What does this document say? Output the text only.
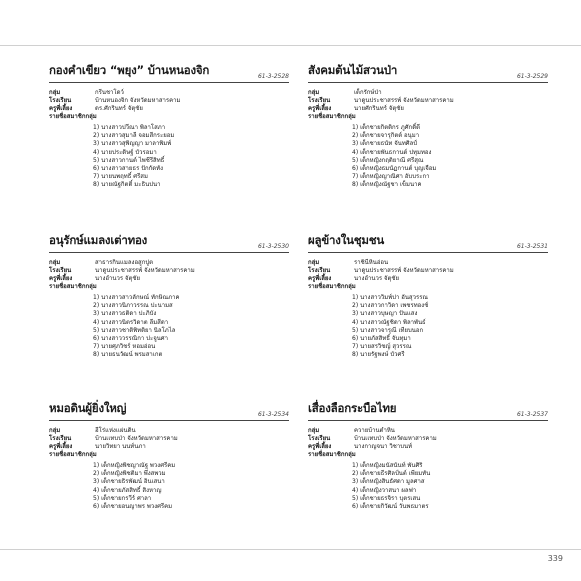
กองคำเขียว “พยุง” บ้านหนองจิก	61-3-2528
กลุ่ม	กรีนชาโดว์
โรงเรียน	บ้านหนองจิก จังหวัดมหาสารคาม
ครูพี่เลี้ยง	ดร.ศักรินทร์ จัตุชัย
รายชื่อสมาชิกกลุ่ม
1) นางสาวปวีณา พิลาโสภา
2) นางสาวสุมาลี จอมสีกระยอม
3) นางสาวสุพิญญา มาลาพิมพ์
4) นายประดิษฐ์ บัวรอมา
5) นางสาวกานต์ ไพชีรีสิทธิ์
6) นางสาวสายธร ปักกัดทัง
7) นายนพฤทธิ์ ศรีสม
8) นายณัฐกิตติ์ มะธินปนา
สังคมต้นไม้สวนป่า	61-3-2529
กลุ่ม	เด็กรักษ์ป่า
โรงเรียน	นาดูนประชาสรรพ์ จังหวัดมหาสารคาม
ครูพี่เลี้ยง	นายศักรินทร์ จัตุชัย
รายชื่อสมาชิกกลุ่ม
1) เด็กชายกิตติกร ภูศักดิ์ดี
2) เด็กชายจารุกิตต์ อนุมา
3) เด็กชายธนัท จันทศิลป์
4) เด็กชายพันธกานต์ ปทุมทอง
5) เด็กหญิงกฤติยาณี ศรีสุณ
6) เด็กหญิงธมนัฏกานต์ บุญเจือม
7) เด็กหญิงญาณิศา อับบระกา
8) เด็กหญิงณัฐชา เข็มนาค
อนุรักษ์แมลงเต่าทอง	61-3-2530
กลุ่ม	สาธารกินแมลงอสูกปูต
โรงเรียน	นาดูนประชาสรรพ์ จังหวัดมหาสารคาม
ครูพี่เลี้ยง	นางอำนวร จัตุชัย
รายชื่อสมาชิกกลุ่ม
1) นางสาวสาวลักษณ์ ทักษิณภาค
2) นางสาวนิภาวรรณ ปะนามส
3) นางสาวธติดา ปะภิบัง
4) นางสาวนิตรวิดาต ลีมสีดา
5) นางสาวชาติพิทติยา นิลโภไล
6) นางสาววรรณิกา ปะจูนศา
7) นายศุภวิชร์ หอมอ่อน
8) นายธนวัฒน์ พรมสาเกต
ผลูข้างในชุมชน	61-3-2531
กลุ่ม	ราชินีหินอ่อน
โรงเรียน	นาดูนประชาสรรพ์ จังหวัดมหาสารคาม
ครูพี่เลี้ยง	นางอำนวร จัตุชัย
รายชื่อสมาชิกกลุ่ม
1) นางสาววิมพ์ปา อันสุวรรณ
2) นางสาวกาวิดา เพชรทองช์
3) นางสาวบุษญา ปันแสง
4) นางสาวณัฐชิดา พิลาพันธ์
5) นางสาวจารุณี เทียบนอก
6) นายภัสสิทธิ์ จันทุมา
7) นายสรวิชญ์ สุวรรณ
8) นายรัฐพงษ์ บัวศรี
หมอดินผู้ยิ่งใหญ่	61-3-2534
กลุ่ม	ฮีโร่แห่งเเผ่นดิน
โรงเรียน	บ้านเเทบป่า จังหวัดมหาสารคาม
ครูพี่เลี้ยง	นายวิทยา นนท์นภา
รายชื่อสมาชิกกลุ่ม
1) เด็กหญิงพิชญาณัฐ พวงศรีคม
2) เด็กหญิงพิชติมา พึ่งสพวม
3) เด็กชายธิรพัฒน์ อินเสนา
4) เด็กชายภัสสิทธิ์ สิงหาญ
5) เด็กชายกรวีร์ ศาลา
6) เด็กชายอนญาพร พวงศรีคม
เสื่องลือกระบือไทย	61-3-2537
กลุ่ม	ควายบ้านตำหิน
โรงเรียน	บ้านเเทบป่า จังหวัดมหาสารคาม
ครูพี่เลี้ยง	นางกาญจนา วิชาบนท์
รายชื่อสมาชิกกลุ่ม
1) เด็กหญิงมนัสนันท์ พันศิริ
2) เด็กชายธีรศิลป์นต์ เพียมทัน
3) เด็กหญิงสินธัศดา มูลศาส
4) เด็กหญิงวาสนา ผลฟา
5) เด็กชายธรจิรา บุตรเสน
6) เด็กชายกิวัฒน์ วันพธมาตร
339
